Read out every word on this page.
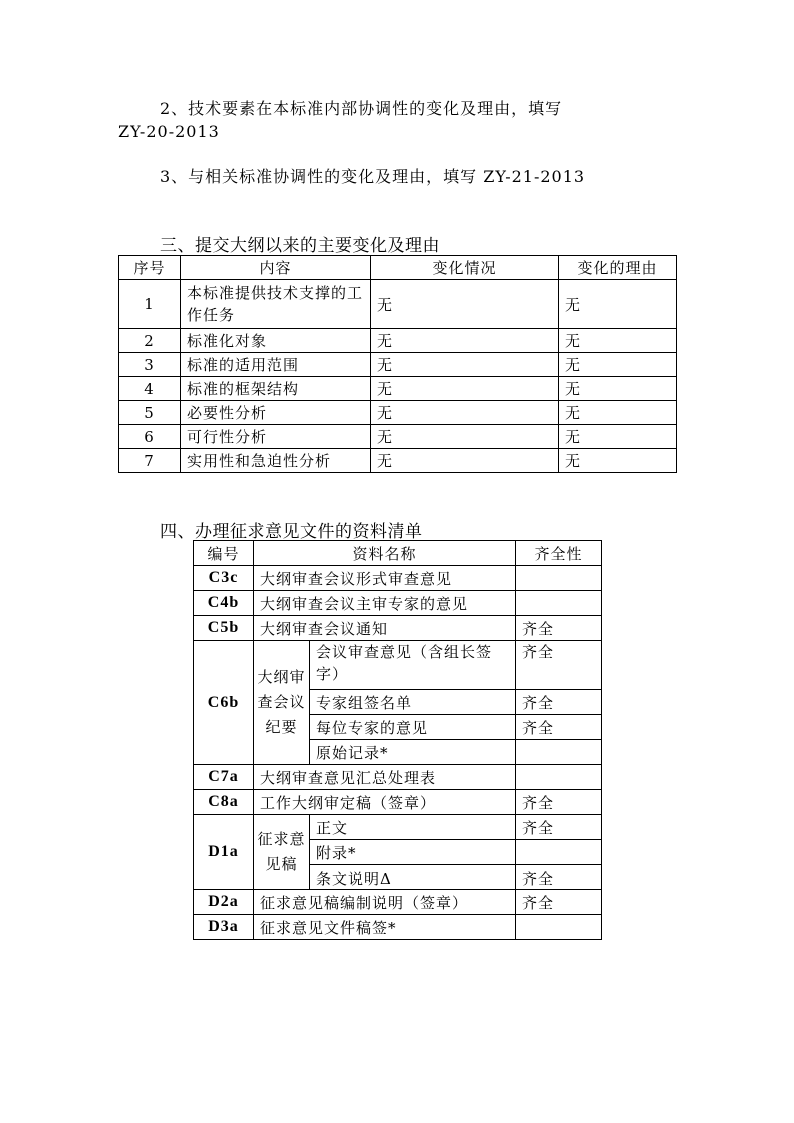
2、技术要素在本标准内部协调性的变化及理由，填写
ZY-20-2013
3、与相关标准协调性的变化及理由，填写 ZY-21-2013
三、提交大纲以来的主要变化及理由
序号	内容	变化情况	变化的理由
1	本标准提供技术支撑的工作任务	无	无
2	标准化对象	无	无
3	标准的适用范围	无	无
4	标准的框架结构	无	无
5	必要性分析	无	无
6	可行性分析	无	无
7	实用性和急迫性分析	无	无
四、办理征求意见文件的资料清单
编号	资料名称		齐全性
C3c	大纲审查会议形式审查意见		
C4b	大纲审查会议主审专家的意见		
C5b	大纲审查会议通知		齐全
C6b	大纲审查会议纪要	会议审查意见（含组长签字）	齐全
		专家组签名单	齐全
		每位专家的意见	齐全
		原始记录*	
C7a	大纲审查意见汇总处理表		
C8a	工作大纲审定稿（签章）		齐全
D1a	征求意见稿	正文	齐全
		附录*	
		条文说明Δ	齐全
D2a	征求意见稿编制说明（签章）		齐全
D3a	征求意见文件稿签*		
